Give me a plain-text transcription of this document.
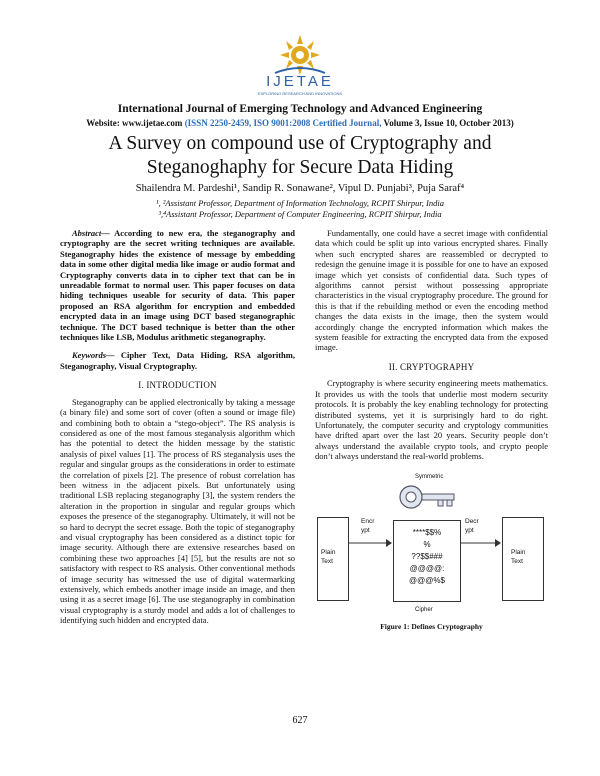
IJETAE
EXPLORING RESEARCH AND INNOVATIONS
International Journal of Emerging Technology and Advanced Engineering
Website: www.ijetae.com (ISSN 2250-2459, ISO 9001:2008 Certified Journal, Volume 3, Issue 10, October 2013)
A Survey on compound use of Cryptography and
Steganoghaphy for Secure Data Hiding
Shailendra M. Pardeshi¹, Sandip R. Sonawane², Vipul D. Punjabi³, Puja Saraf⁴
¹, ²Assistant Professor, Department of Information Technology, RCPIT Shirpur, India
³,⁴Assistant Professor, Department of Computer Engineering, RCPIT Shirpur, India

Abstract— According to new era, the steganography and cryptography are the secret writing techniques are available. Steganography hides the existence of message by embedding data in some other digital media like image or audio format and Cryptography converts data in to cipher text that can be in unreadable format to normal user. This paper focuses on data hiding techniques useable for security of data. This paper proposed an RSA algorithm for encryption and embedded encrypted data in an image using DCT based steganographic technique. The DCT based technique is better than the other techniques like LSB, Modulus arithmetic steganography.

Keywords— Cipher Text, Data Hiding, RSA algorithm, Steganography, Visual Cryptography.

I. INTRODUCTION

Steganography can be applied electronically by taking a message (a binary file) and some sort of cover (often a sound or image file) and combining both to obtain a “stego-object”. The RS analysis is considered as one of the most famous steganalysis algorithm which has the potential to detect the hidden message by the statistic analysis of pixel values [1]. The process of RS steganalysis uses the regular and singular groups as the considerations in order to estimate the correlation of pixels [2]. The presence of robust correlation has been witness in the adjacent pixels. But unfortunately using traditional LSB replacing steganography [3], the system renders the alteration in the proportion in singular and regular groups which exposes the presence of the steganography. Ultimately, it will not be so hard to decrypt the secret essage. Both the topic of steganography and visual cryptography has been considered as a distinct topic for image security. Although there are extensive researches based on combining these two approaches [4] [5], but the results are not so satisfactory with respect to RS analysis. Other conventional methods of image security has witnessed the use of digital watermarking extensively, which embeds another image inside an image, and then using it as a secret image [6]. The use steganography in combination visual cryptography is a sturdy model and adds a lot of challenges to identifying such hidden and encrypted data.

Fundamentally, one could have a secret image with confidential data which could be split up into various encrypted shares. Finally when such encrypted shares are reassembled or decrypted to redesign the genuine image it is possible for one to have an exposed image which yet consists of confidential data. Such types of algorithms cannot persist without possessing appropriate characteristics in the visual cryptography procedure. The ground for this is that if the rebuilding method or even the encoding method changes the data exists in the image, then the system would accordingly change the encrypted information which makes the system feasible for extracting the encrypted data from the exposed image.

II. CRYPTOGRAPHY

Cryptography is where security engineering meets mathematics. It provides us with the tools that underlie most modern security protocols. It is probably the key enabling technology for protecting distributed systems, yet it is surprisingly hard to do right. Unfortunately, the computer security and cryptology communities have drifted apart over the last 20 years. Security people don’t always understand the available crypto tools, and crypto people don’t always understand the real-world problems.

Symmetric
Plain Text
Encr ypt	****$$%
%
??$$###
@@@@:
@@@%$
Cipher
Decr ypt
Plain Text
Figure 1: Defines Cryptography
627
